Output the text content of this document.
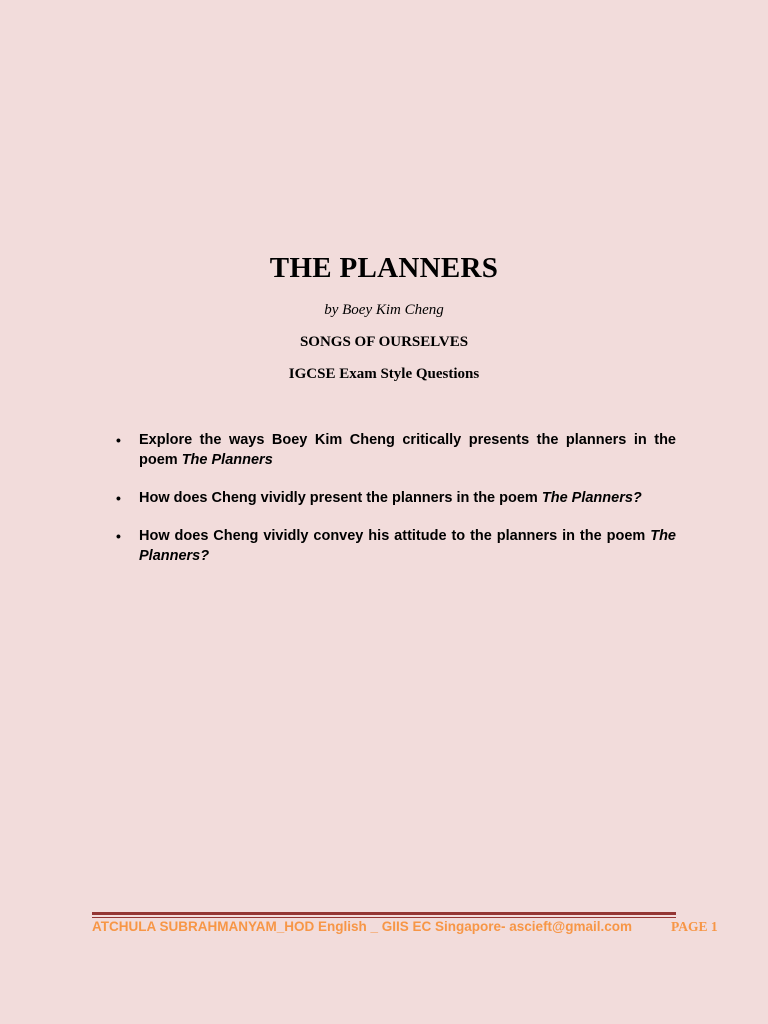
THE PLANNERS
by Boey Kim Cheng
SONGS OF OURSELVES
IGCSE Exam Style Questions
• Explore the ways Boey Kim Cheng critically presents the planners in the poem The Planners
• How does Cheng vividly present the planners in the poem The Planners?
• How does Cheng vividly convey his attitude to the planners in the poem The Planners?
ATCHULA SUBRAHMANYAM_HOD English _ GIIS EC Singapore- ascieft@gmail.com	PAGE 1
